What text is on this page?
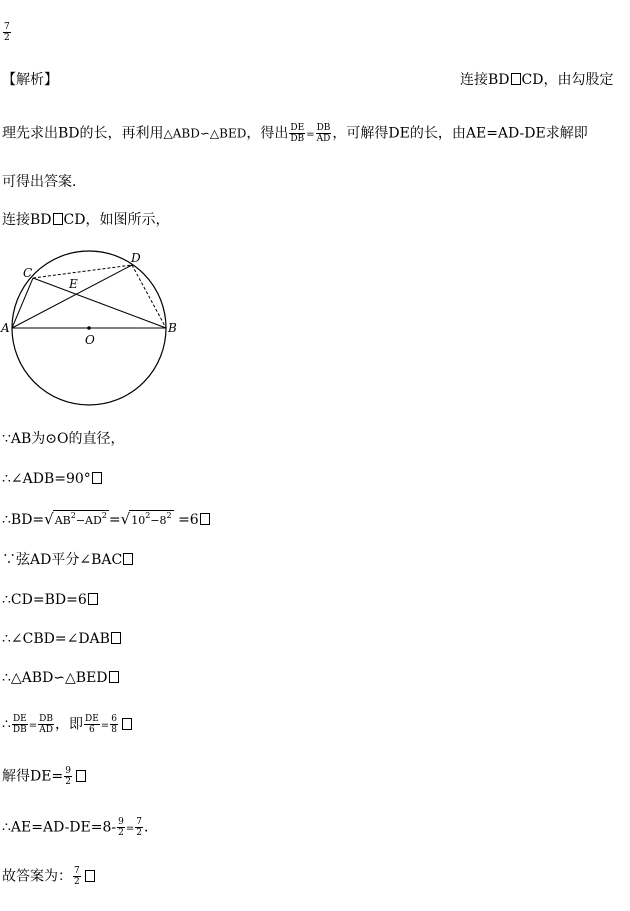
$\frac{7}{2}$
【解析】	连接BD CD，由勾股定
理先求出BD的长，再利用△ABD∽△BED，得出 $\frac{DE}{DB} = \frac{DB}{AD}$ ，可解得DE的长，由AE=AD-DE求解即
可得出答案．
连接BD CD，如图所示，
A	B
C
D
E
O
∵AB为⊙O的直径，
∴∠ADB=90°
$\therefore BD=√AB^2-AD^2 =√10^2-8^2 =6$
∵弦AD平分∠BAC
∴CD=BD=6
∴∠CBD=∠DAB
∴△ABD∽△BED
∴ $\frac{DE}{DB} = \frac{DB}{AD}$ ，即 $\frac{DE}{6} = \frac{6}{8}$
解得$DE= \frac{9}{2}$
∴AE=AD-DE=8- $\frac{9}{2} = \frac{7}{2}$ ．
故答案为： $\frac{7}{2}$
